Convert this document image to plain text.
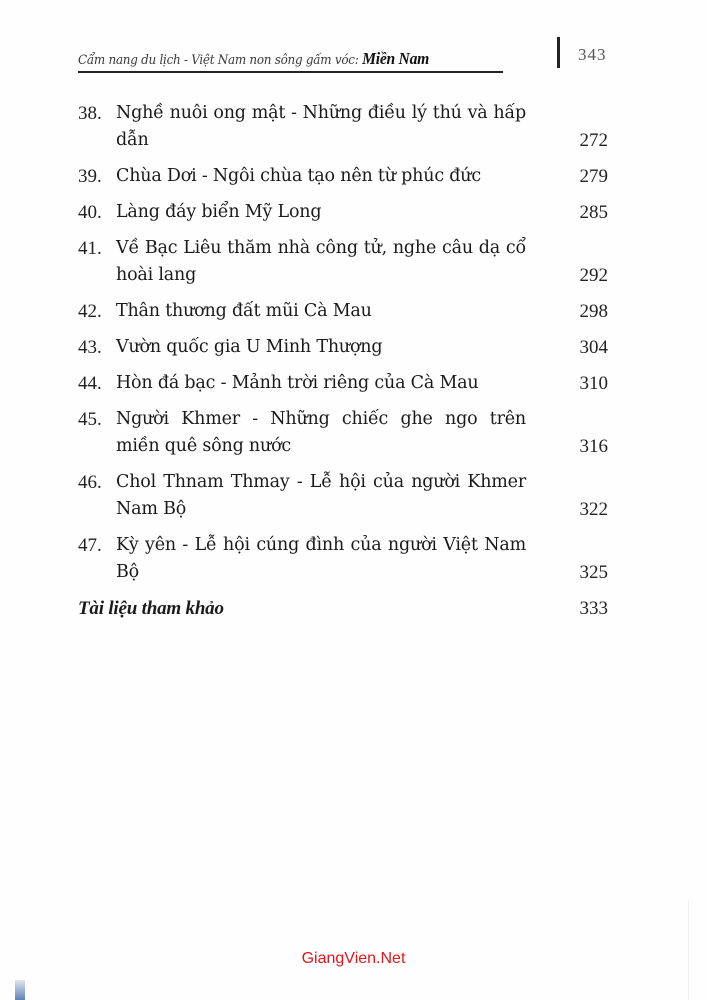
Cẩm nang du lịch - Việt Nam non sông gấm vóc: Miền Nam	343
38. Nghề nuôi ong mật - Những điều lý thú và hấp dẫn	272
39. Chùa Dơi - Ngôi chùa tạo nên từ phúc đức	279
40. Làng đáy biển Mỹ Long	285
41. Về Bạc Liêu thăm nhà công tử, nghe câu dạ cổ hoài lang	292
42. Thân thương đất mũi Cà Mau	298
43. Vườn quốc gia U Minh Thượng	304
44. Hòn đá bạc - Mảnh trời riêng của Cà Mau	310
45. Người Khmer - Những chiếc ghe ngo trên miền quê sông nước	316
46. Chol Thnam Thmay - Lễ hội của người Khmer Nam Bộ	322
47. Kỳ yên - Lễ hội cúng đình của người Việt Nam Bộ	325
Tài liệu tham khảo	333
GiangVien.Net
